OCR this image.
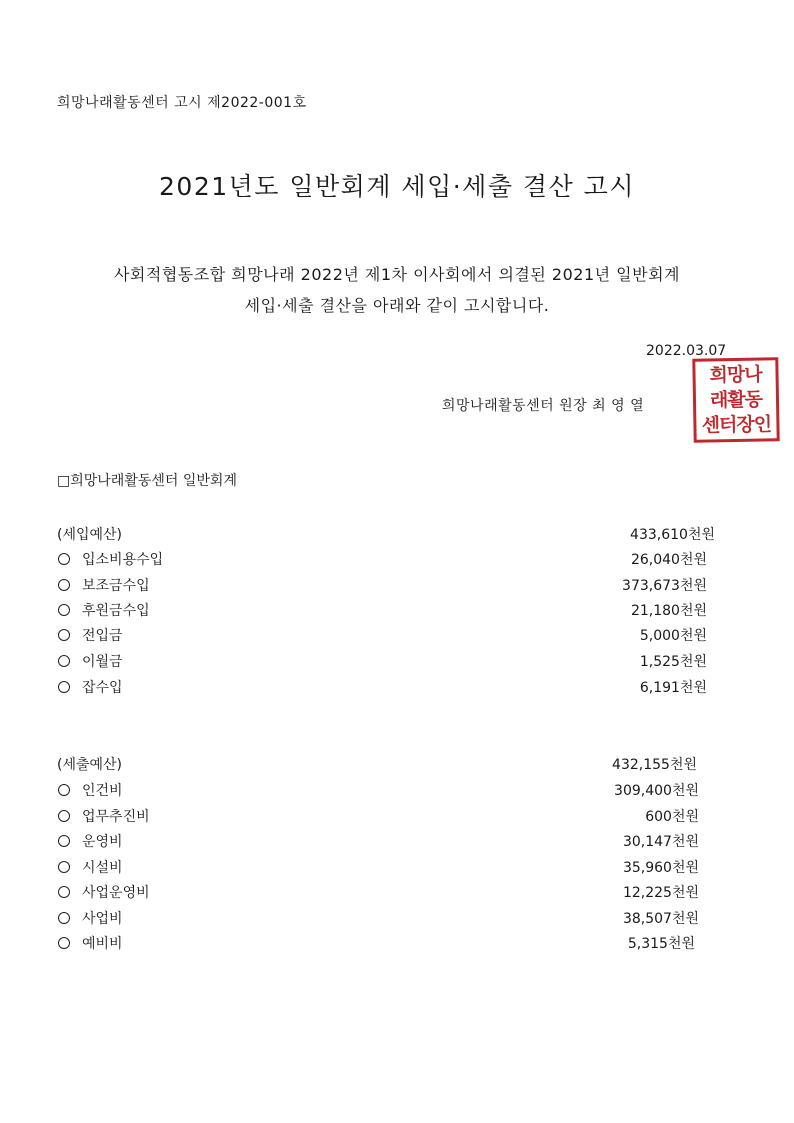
희망나래활동센터 고시 제2022-001호
2021년도 일반회계 세입·세출 결산 고시
사회적협동조합 희망나래 2022년 제1차 이사회에서 의결된 2021년 일반회계
세입·세출 결산을 아래와 같이 고시합니다.
2022.03.07
희망나래활동센터 원장 최 영 열
희망나
래활동
센터장인
□희망나래활동센터 일반회계
(세입예산)	433,610천원
입소비용수입	26,040천원
보조금수입	373,673천원
후원금수입	21,180천원
전입금	5,000천원
이월금	1,525천원
잡수입	6,191천원
(세출예산)	432,155천원
인건비	309,400천원
업무추진비	600천원
운영비	30,147천원
시설비	35,960천원
사업운영비	12,225천원
사업비	38,507천원
예비비	5,315천원
